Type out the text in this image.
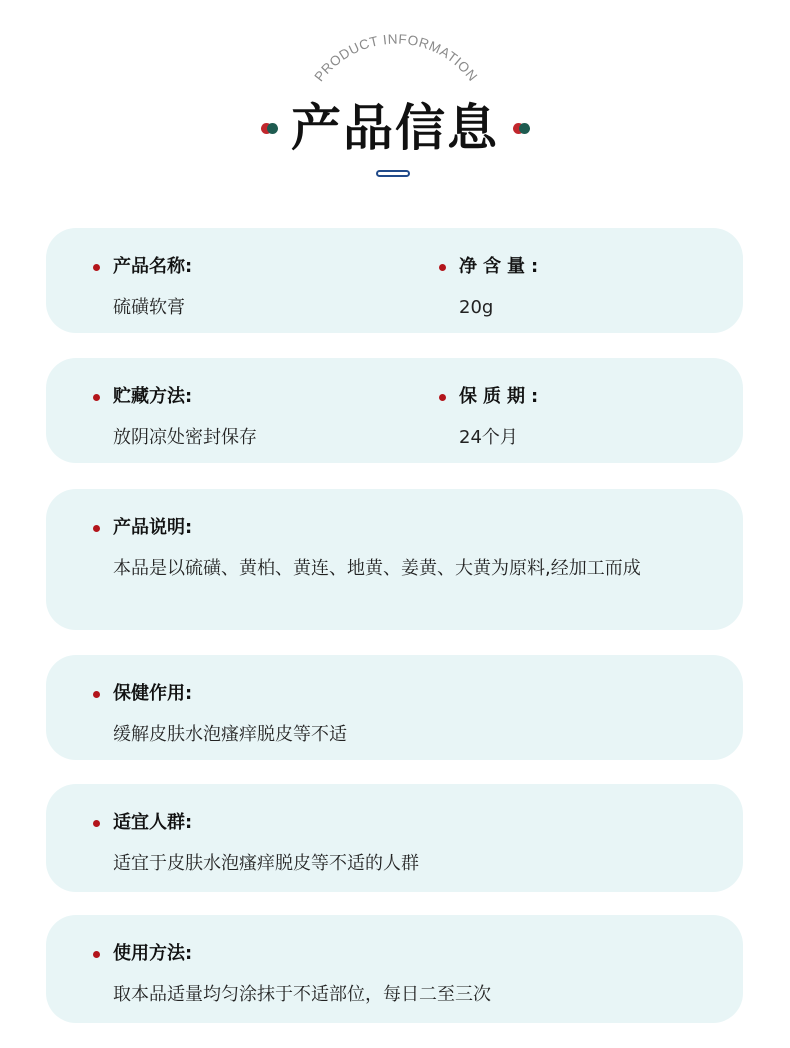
PRODUCT INFORMATION
产品信息
产品名称:
硫磺软膏
净含量:
20g
贮藏方法:
放阴凉处密封保存
保质期:
24个月
产品说明:
本品是以硫磺、黄柏、黄连、地黄、姜黄、大黄为原料,经加工而成
保健作用:
缓解皮肤水泡瘙痒脱皮等不适
适宜人群:
适宜于皮肤水泡瘙痒脱皮等不适的人群
使用方法:
取本品适量均匀涂抹于不适部位，每日二至三次
